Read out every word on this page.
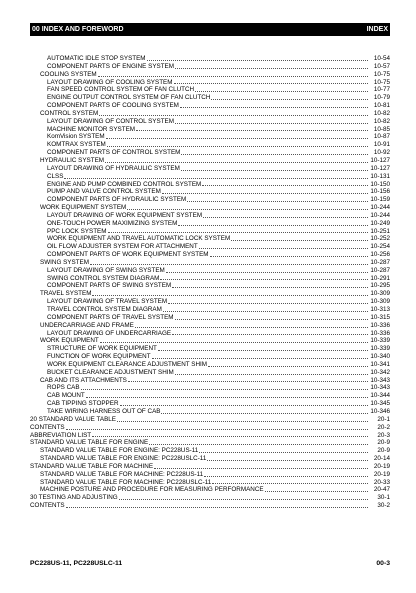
00 INDEX AND FOREWORD	INDEX
AUTOMATIC IDLE STOP SYSTEM	10-54
COMPONENT PARTS OF ENGINE SYSTEM	10-57
COOLING SYSTEM	10-75
LAYOUT DRAWING OF COOLING SYSTEM	10-75
FAN SPEED CONTROL SYSTEM OF FAN CLUTCH	10-77
ENGINE OUTPUT CONTROL SYSTEM OF FAN CLUTCH	10-79
COMPONENT PARTS OF COOLING SYSTEM	10-81
CONTROL SYSTEM	10-82
LAYOUT DRAWING OF CONTROL SYSTEM	10-82
MACHINE MONITOR SYSTEM	10-85
KomVision SYSTEM	10-87
KOMTRAX SYSTEM	10-91
COMPONENT PARTS OF CONTROL SYSTEM	10-92
HYDRAULIC SYSTEM	10-127
LAYOUT DRAWING OF HYDRAULIC SYSTEM	10-127
CLSS	10-131
ENGINE AND PUMP COMBINED CONTROL SYSTEM	10-150
PUMP AND VALVE CONTROL SYSTEM	10-156
COMPONENT PARTS OF HYDRAULIC SYSTEM	10-159
WORK EQUIPMENT SYSTEM	10-244
LAYOUT DRAWING OF WORK EQUIPMENT SYSTEM	10-244
ONE-TOUCH POWER MAXIMIZING SYSTEM	10-249
PPC LOCK SYSTEM	10-251
WORK EQUIPMENT AND TRAVEL AUTOMATIC LOCK SYSTEM	10-252
OIL FLOW ADJUSTER SYSTEM FOR ATTACHMENT	10-254
COMPONENT PARTS OF WORK EQUIPMENT SYSTEM	10-256
SWING SYSTEM	10-287
LAYOUT DRAWING OF SWING SYSTEM	10-287
SWING CONTROL SYSTEM DIAGRAM	10-291
COMPONENT PARTS OF SWING SYSTEM	10-295
TRAVEL SYSTEM	10-309
LAYOUT DRAWING OF TRAVEL SYSTEM	10-309
TRAVEL CONTROL SYSTEM DIAGRAM	10-313
COMPONENT PARTS OF TRAVEL SYSTEM	10-315
UNDERCARRIAGE AND FRAME	10-336
LAYOUT DRAWING OF UNDERCARRIAGE	10-336
WORK EQUIPMENT	10-339
STRUCTURE OF WORK EQUIPMENT	10-339
FUNCTION OF WORK EQUIPMENT	10-340
WORK EQUIPMENT CLEARANCE ADJUSTMENT SHIM	10-341
BUCKET CLEARANCE ADJUSTMENT SHIM	10-342
CAB AND ITS ATTACHMENTS	10-343
ROPS CAB	10-343
CAB MOUNT	10-344
CAB TIPPING STOPPER	10-345
TAKE WIRING HARNESS OUT OF CAB	10-346
20 STANDARD VALUE TABLE	20-1
CONTENTS	20-2
ABBREVIATION LIST	20-3
STANDARD VALUE TABLE FOR ENGINE	20-9
STANDARD VALUE TABLE FOR ENGINE: PC228US-11	20-9
STANDARD VALUE TABLE FOR ENGINE: PC228USLC-11	20-14
STANDARD VALUE TABLE FOR MACHINE	20-19
STANDARD VALUE TABLE FOR MACHINE: PC228US-11	20-19
STANDARD VALUE TABLE FOR MACHINE: PC228USLC-11	20-33
MACHINE POSTURE AND PROCEDURE FOR MEASURING PERFORMANCE	20-47
30 TESTING AND ADJUSTING	30-1
CONTENTS	30-2
PC228US-11, PC228USLC-11	00-3
